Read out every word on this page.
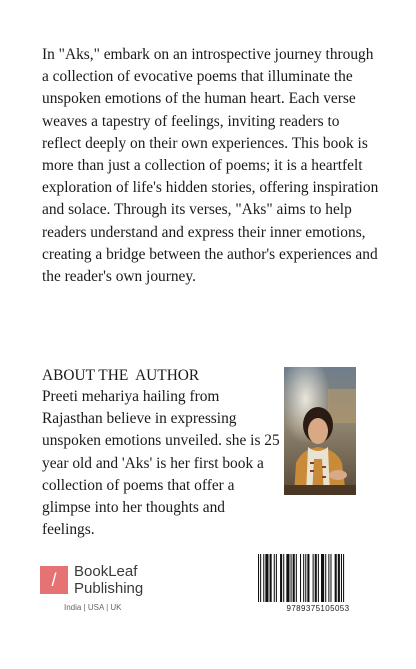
In "Aks," embark on an introspective journey through a collection of evocative poems that illuminate the unspoken emotions of the human heart. Each verse weaves a tapestry of feelings, inviting readers to reflect deeply on their own experiences. This book is more than just a collection of poems; it is a heartfelt exploration of life's hidden stories, offering inspiration and solace. Through its verses, "Aks" aims to help readers understand and express their inner emotions, creating a bridge between the author's experiences and the reader's own journey.

ABOUT THE  AUTHOR

Preeti mehariya hailing from Rajasthan believe in expressing unspoken emotions unveiled. she is 25 year old and 'Aks' is her first book a collection of poems that offer a glimpse into her thoughts and feelings.

/	BookLeaf
Publishing
India | USA | UK	9789375105053
